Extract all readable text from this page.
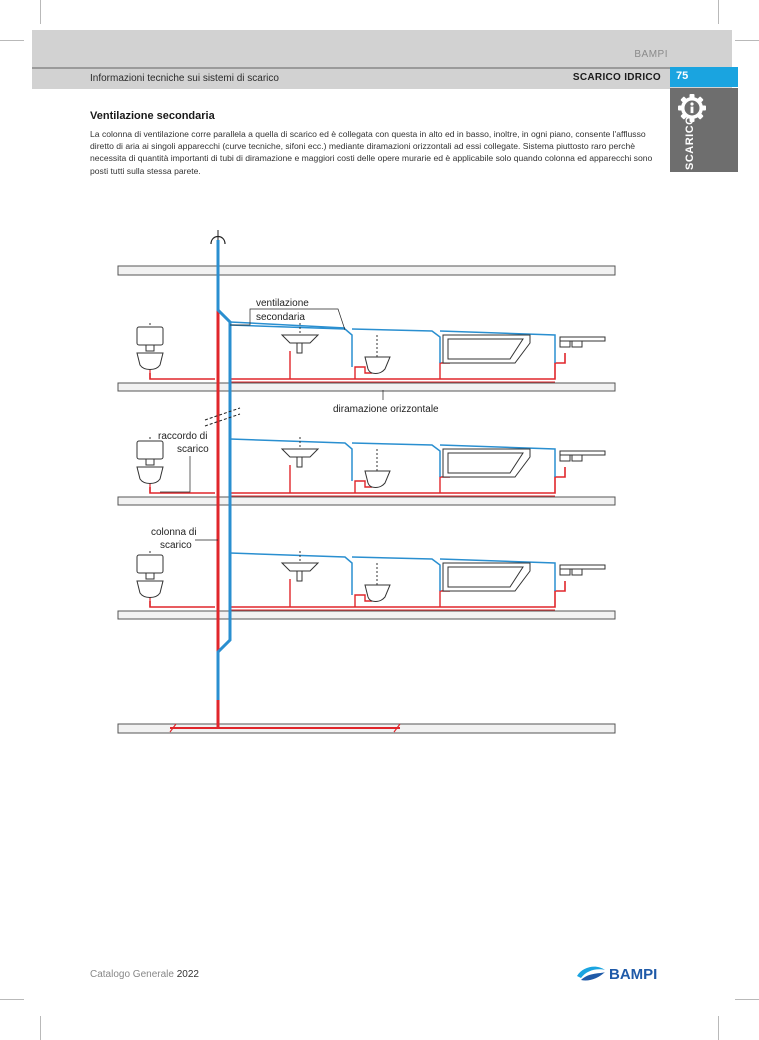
BAMPI
Informazioni tecniche sui sistemi di scarico	SCARICO IDRICO	75
SCARICO
Ventilazione secondaria
La colonna di ventilazione corre parallela a quella di scarico ed è collegata con questa in alto ed in basso, inoltre, in ogni piano, consente l'afflusso diretto di aria ai singoli apparecchi (curve tecniche, sifoni ecc.) mediante diramazioni orizzontali ad essi collegate. Sistema piuttosto raro perchè necessita di quantità importanti di tubi di diramazione e maggiori costi delle opere murarie ed è applicabile solo quando colonna ed apparecchi sono posti tutti sulla stessa parete.
ventilazione
secondaria
diramazione orizzontale
raccordo di
scarico
colonna di
scarico
Catalogo Generale 2022	BAMPI
